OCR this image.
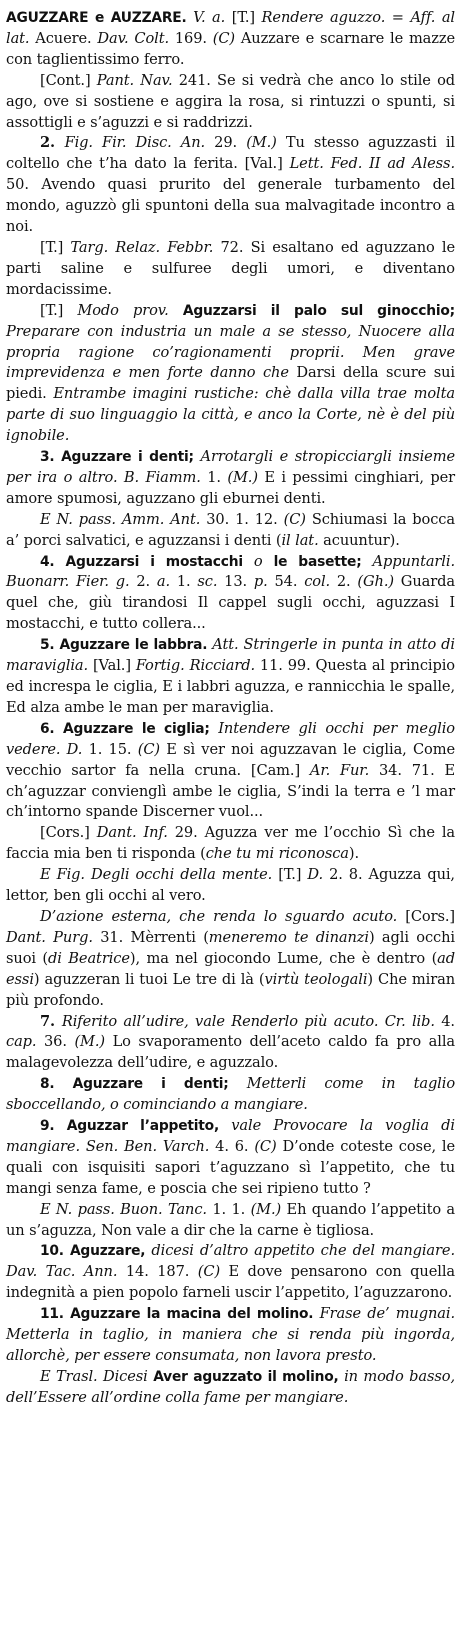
AGUZZARE e AUZZARE. V. a. [T.] Rendere aguzzo. = Aff. al lat. Acuere. Dav. Colt. 169. (C) Auzzare e scarnare le mazze con taglientissimo ferro.

[Cont.] Pant. Nav. 241. Se si vedrà che anco lo stile od ago, ove si sostiene e aggira la rosa, si rintuzzi o spunti, si assottigli e s’aguzzi e si raddrizzi.

2. Fig. Fir. Disc. An. 29. (M.) Tu stesso aguzzasti il coltello che t’ha dato la ferita. [Val.] Lett. Fed. II ad Aless. 50. Avendo quasi prurito del generale turbamento del mondo, aguzzò gli spuntoni della sua malvagitade incontro a noi.

[T.] Targ. Relaz. Febbr. 72. Si esaltano ed aguzzano le parti saline e sulfuree degli umori, e diventano mordacissime.

[T.] Modo prov. Aguzzarsi il palo sul ginocchio; Preparare con industria un male a se stesso, Nuocere alla propria ragione co’ragionamenti proprii. Men grave imprevidenza e men forte danno che Darsi della scure sui piedi. Entrambe imagini rustiche: chè dalla villa trae molta parte di suo linguaggio la città, e anco la Corte, nè è del più ignobile.

3. Aguzzare i denti; Arrotargli e stropicciargli insieme per ira o altro. B. Fiamm. 1. (M.) E i pessimi cinghiari, per amore spumosi, aguzzano gli eburnei denti.

E N. pass. Amm. Ant. 30. 1. 12. (C) Schiumasi la bocca a’ porci salvatici, e aguzzansi i denti (il lat. acuuntur).

4. Aguzzarsi i mostacchi o le basette; Appuntarli. Buonarr. Fier. g. 2. a. 1. sc. 13. p. 54. col. 2. (Gh.) Guarda quel che, giù tirandosi Il cappel sugli occhi, aguzzasi I mostacchi, e tutto collera...

5. Aguzzare le labbra. Att. Stringerle in punta in atto di maraviglia. [Val.] Fortig. Ricciard. 11. 99. Questa al principio ed increspa le ciglia, E i labbri aguzza, e rannicchia le spalle, Ed alza ambe le man per maraviglia.

6. Aguzzare le ciglia; Intendere gli occhi per meglio vedere. D. 1. 15. (C) E sì ver noi aguzzavan le ciglia, Come vecchio sartor fa nella cruna. [Cam.] Ar. Fur. 34. 71. E ch’aguzzar convienglì ambe le ciglia, S’indi la terra e ’l mar ch’intorno spande Discerner vuol...

[Cors.] Dant. Inf. 29. Aguzza ver me l’occhio Sì che la faccia mia ben ti risponda (che tu mi riconosca).

E Fig. Degli occhi della mente. [T.] D. 2. 8. Aguzza qui, lettor, ben gli occhi al vero.

D’azione esterna, che renda lo sguardo acuto. [Cors.] Dant. Purg. 31. Mèrrenti (meneremo te dinanzi) agli occhi suoi (di Beatrice), ma nel giocondo Lume, che è dentro (ad essi) aguzzeran li tuoi Le tre di là (virtù teologali) Che miran più profondo.

7. Riferito all’udire, vale Renderlo più acuto. Cr. lib. 4. cap. 36. (M.) Lo svaporamento dell’aceto caldo fa pro alla malagevolezza dell’udire, e aguzzalo.

8. Aguzzare i denti; Metterli come in taglio sboccellando, o cominciando a mangiare.

9. Aguzzar l’appetito, vale Provocare la voglia di mangiare. Sen. Ben. Varch. 4. 6. (C) D’onde coteste cose, le quali con isquisiti sapori t’aguzzano sì l’appetito, che tu mangi senza fame, e poscia che sei ripieno tutto ?

E N. pass. Buon. Tanc. 1. 1. (M.) Eh quando l’appetito a un s’aguzza, Non vale a dir che la carne è tigliosa.

10. Aguzzare, dicesi d’altro appetito che del mangiare. Dav. Tac. Ann. 14. 187. (C) E dove pensarono con quella indegnità a pien popolo farneli uscir l’appetito, l’aguzzarono.

11. Aguzzare la macina del molino. Frase de’ mugnai. Metterla in taglio, in maniera che si renda più ingorda, allorchè, per essere consumata, non lavora presto.

E Trasl. Dicesi Aver aguzzato il molino, in modo basso, dell’Essere all’ordine colla fame per mangiare.
